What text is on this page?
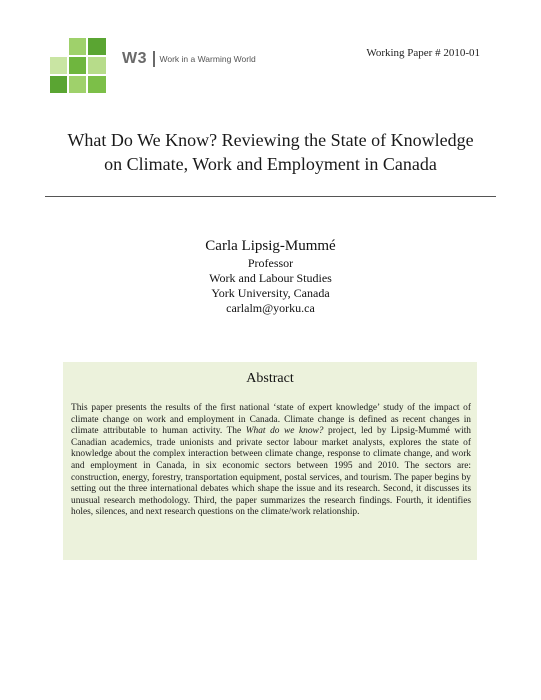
W3 Work in a Warming World	Working Paper # 2010-01
What Do We Know? Reviewing the State of Knowledge
on Climate, Work and Employment in Canada
Carla Lipsig-Mummé
Professor
Work and Labour Studies
York University, Canada
carlalm@yorku.ca
Abstract
This paper presents the results of the first national ‘state of expert knowledge’ study of the impact of climate change on work and employment in Canada. Climate change is defined as recent changes in climate attributable to human activity. The What do we know? project, led by Lipsig-Mummé with Canadian academics, trade unionists and private sector labour market analysts, explores the state of knowledge about the complex interaction between climate change, response to climate change, and work and employment in Canada, in six economic sectors between 1995 and 2010. The sectors are: construction, energy, forestry, transportation equipment, postal services, and tourism. The paper begins by setting out the three international debates which shape the issue and its research. Second, it discusses its unusual research methodology. Third, the paper summarizes the research findings. Fourth, it identifies holes, silences, and next research questions on the climate/work relationship.
